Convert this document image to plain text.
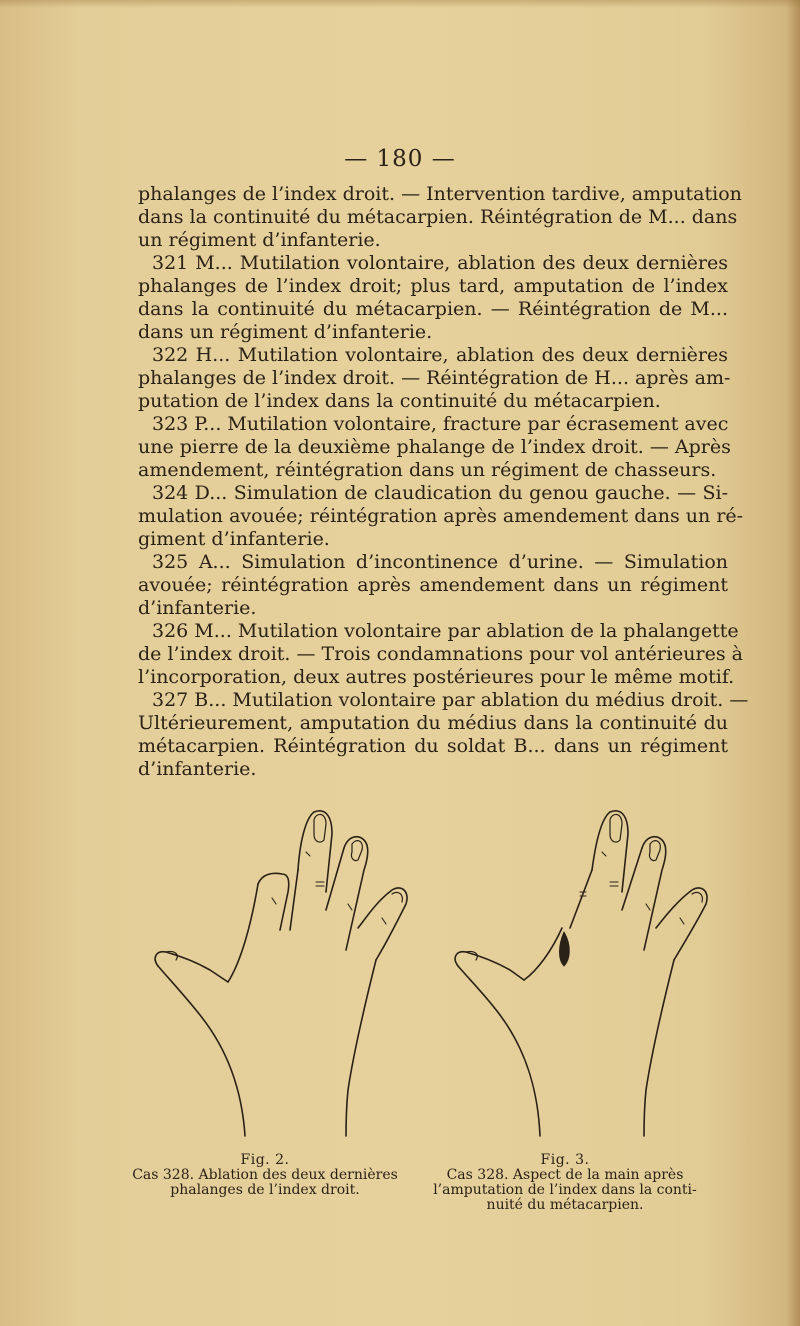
— 180 —
phalanges de l’index droit. — Intervention tardive, amputation
dans la continuité du métacarpien. Réintégration de M... dans
un régiment d’infanterie.
321 M... Mutilation volontaire, ablation des deux dernières
phalanges de l’index droit; plus tard, amputation de l’index
dans la continuité du métacarpien. — Réintégration de M...
dans un régiment d’infanterie.
322 H... Mutilation volontaire, ablation des deux dernières
phalanges de l’index droit. — Réintégration de H... après am-
putation de l’index dans la continuité du métacarpien.
323 P... Mutilation volontaire, fracture par écrasement avec
une pierre de la deuxième phalange de l’index droit. — Après
amendement, réintégration dans un régiment de chasseurs.
324 D... Simulation de claudication du genou gauche. — Si-
mulation avouée; réintégration après amendement dans un ré-
giment d’infanterie.
325 A... Simulation d’incontinence d’urine. — Simulation
avouée; réintégration après amendement dans un régiment
d’infanterie.
326 M... Mutilation volontaire par ablation de la phalangette
de l’index droit. — Trois condamnations pour vol antérieures à
l’incorporation, deux autres postérieures pour le même motif.
327 B... Mutilation volontaire par ablation du médius droit. —
Ultérieurement, amputation du médius dans la continuité du
métacarpien. Réintégration du soldat B... dans un régiment
d’infanterie.
Fig. 2.
Cas 328. Ablation des deux dernières
phalanges de l’index droit.
Fig. 3.
Cas 328. Aspect de la main après
l’amputation de l’index dans la conti-
nuité du métacarpien.
